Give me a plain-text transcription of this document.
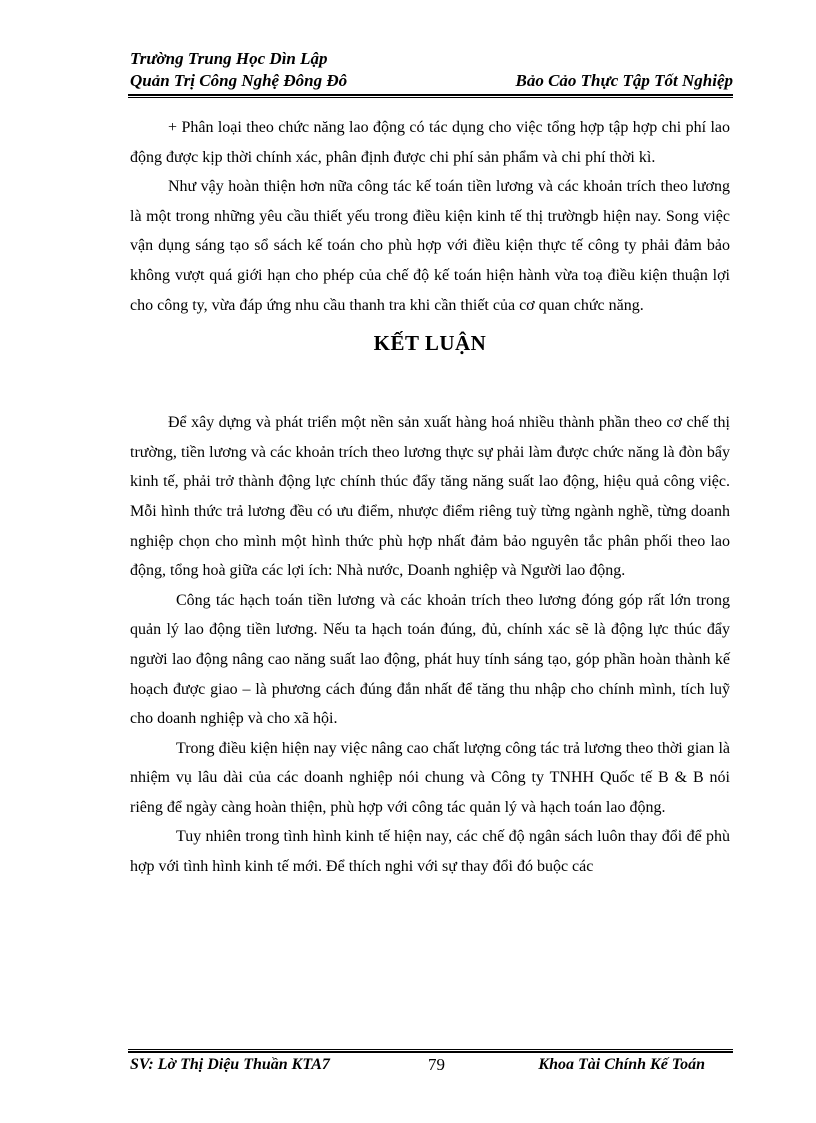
Trường Trung Học Dìn Lập
Quản Trị Công Nghệ Đông Đô	Bảo Cảo Thực Tập Tốt Nghiệp

+ Phân loại theo chức năng lao động có tác dụng cho việc tổng hợp tập hợp chi phí lao động được kịp thời chính xác, phân định được chi phí sản phẩm và chi phí thời kì.

Như vậy hoàn thiện hơn nữa công tác kế toán tiền lương và các khoản trích theo lương là một trong những yêu cầu thiết yếu trong điều kiện kinh tế thị trườngb hiện nay. Song việc vận dụng sáng tạo sổ sách kế toán cho phù hợp với điều kiện thực tế công ty phải đảm bảo không vượt quá giới hạn cho phép của chế độ kế toán hiện hành vừa toạ điều kiện thuận lợi cho công ty, vừa đáp ứng nhu cầu thanh tra khi cần thiết của cơ quan chức năng.

KẾT LUẬN

Để xây dựng và phát triển một nền sản xuất hàng hoá nhiều thành phần theo cơ chế thị trường, tiền lương và các khoản trích theo lương thực sự phải làm được chức năng là đòn bẩy kinh tế, phải trở thành động lực chính thúc đẩy tăng năng suất lao động, hiệu quả công việc. Mỗi hình thức trả lương đều có ưu điểm, nhược điểm riêng tuỳ từng ngành nghề, từng doanh nghiệp chọn cho mình một hình thức phù hợp nhất đảm bảo nguyên tắc phân phối theo lao động, tổng hoà giữa các lợi ích: Nhà nước, Doanh nghiệp và Người lao động.

Công tác hạch toán tiền lương và các khoản trích theo lương đóng góp rất lớn trong quản lý lao động tiền lương. Nếu ta hạch toán đúng, đủ, chính xác sẽ là động lực thúc đẩy người lao động nâng cao năng suất lao động, phát huy tính sáng tạo, góp phần hoàn thành kế hoạch được giao – là phương cách đúng đắn nhất để tăng thu nhập cho chính mình, tích luỹ cho doanh nghiệp và cho xã hội.

Trong điều kiện hiện nay việc nâng cao chất lượng công tác trả lương theo thời gian là nhiệm vụ lâu dài của các doanh nghiệp nói chung và Công ty TNHH Quốc tế B & B nói riêng để ngày càng hoàn thiện, phù hợp với công tác quản lý và hạch toán lao động.

Tuy nhiên trong tình hình kinh tế hiện nay, các chế độ ngân sách luôn thay đổi để phù hợp với tình hình kinh tế mới. Để thích nghi với sự thay đổi đó buộc các

SV: Lờ Thị Diệu Thuần KTA7	79	Khoa Tài Chính Kế Toán
